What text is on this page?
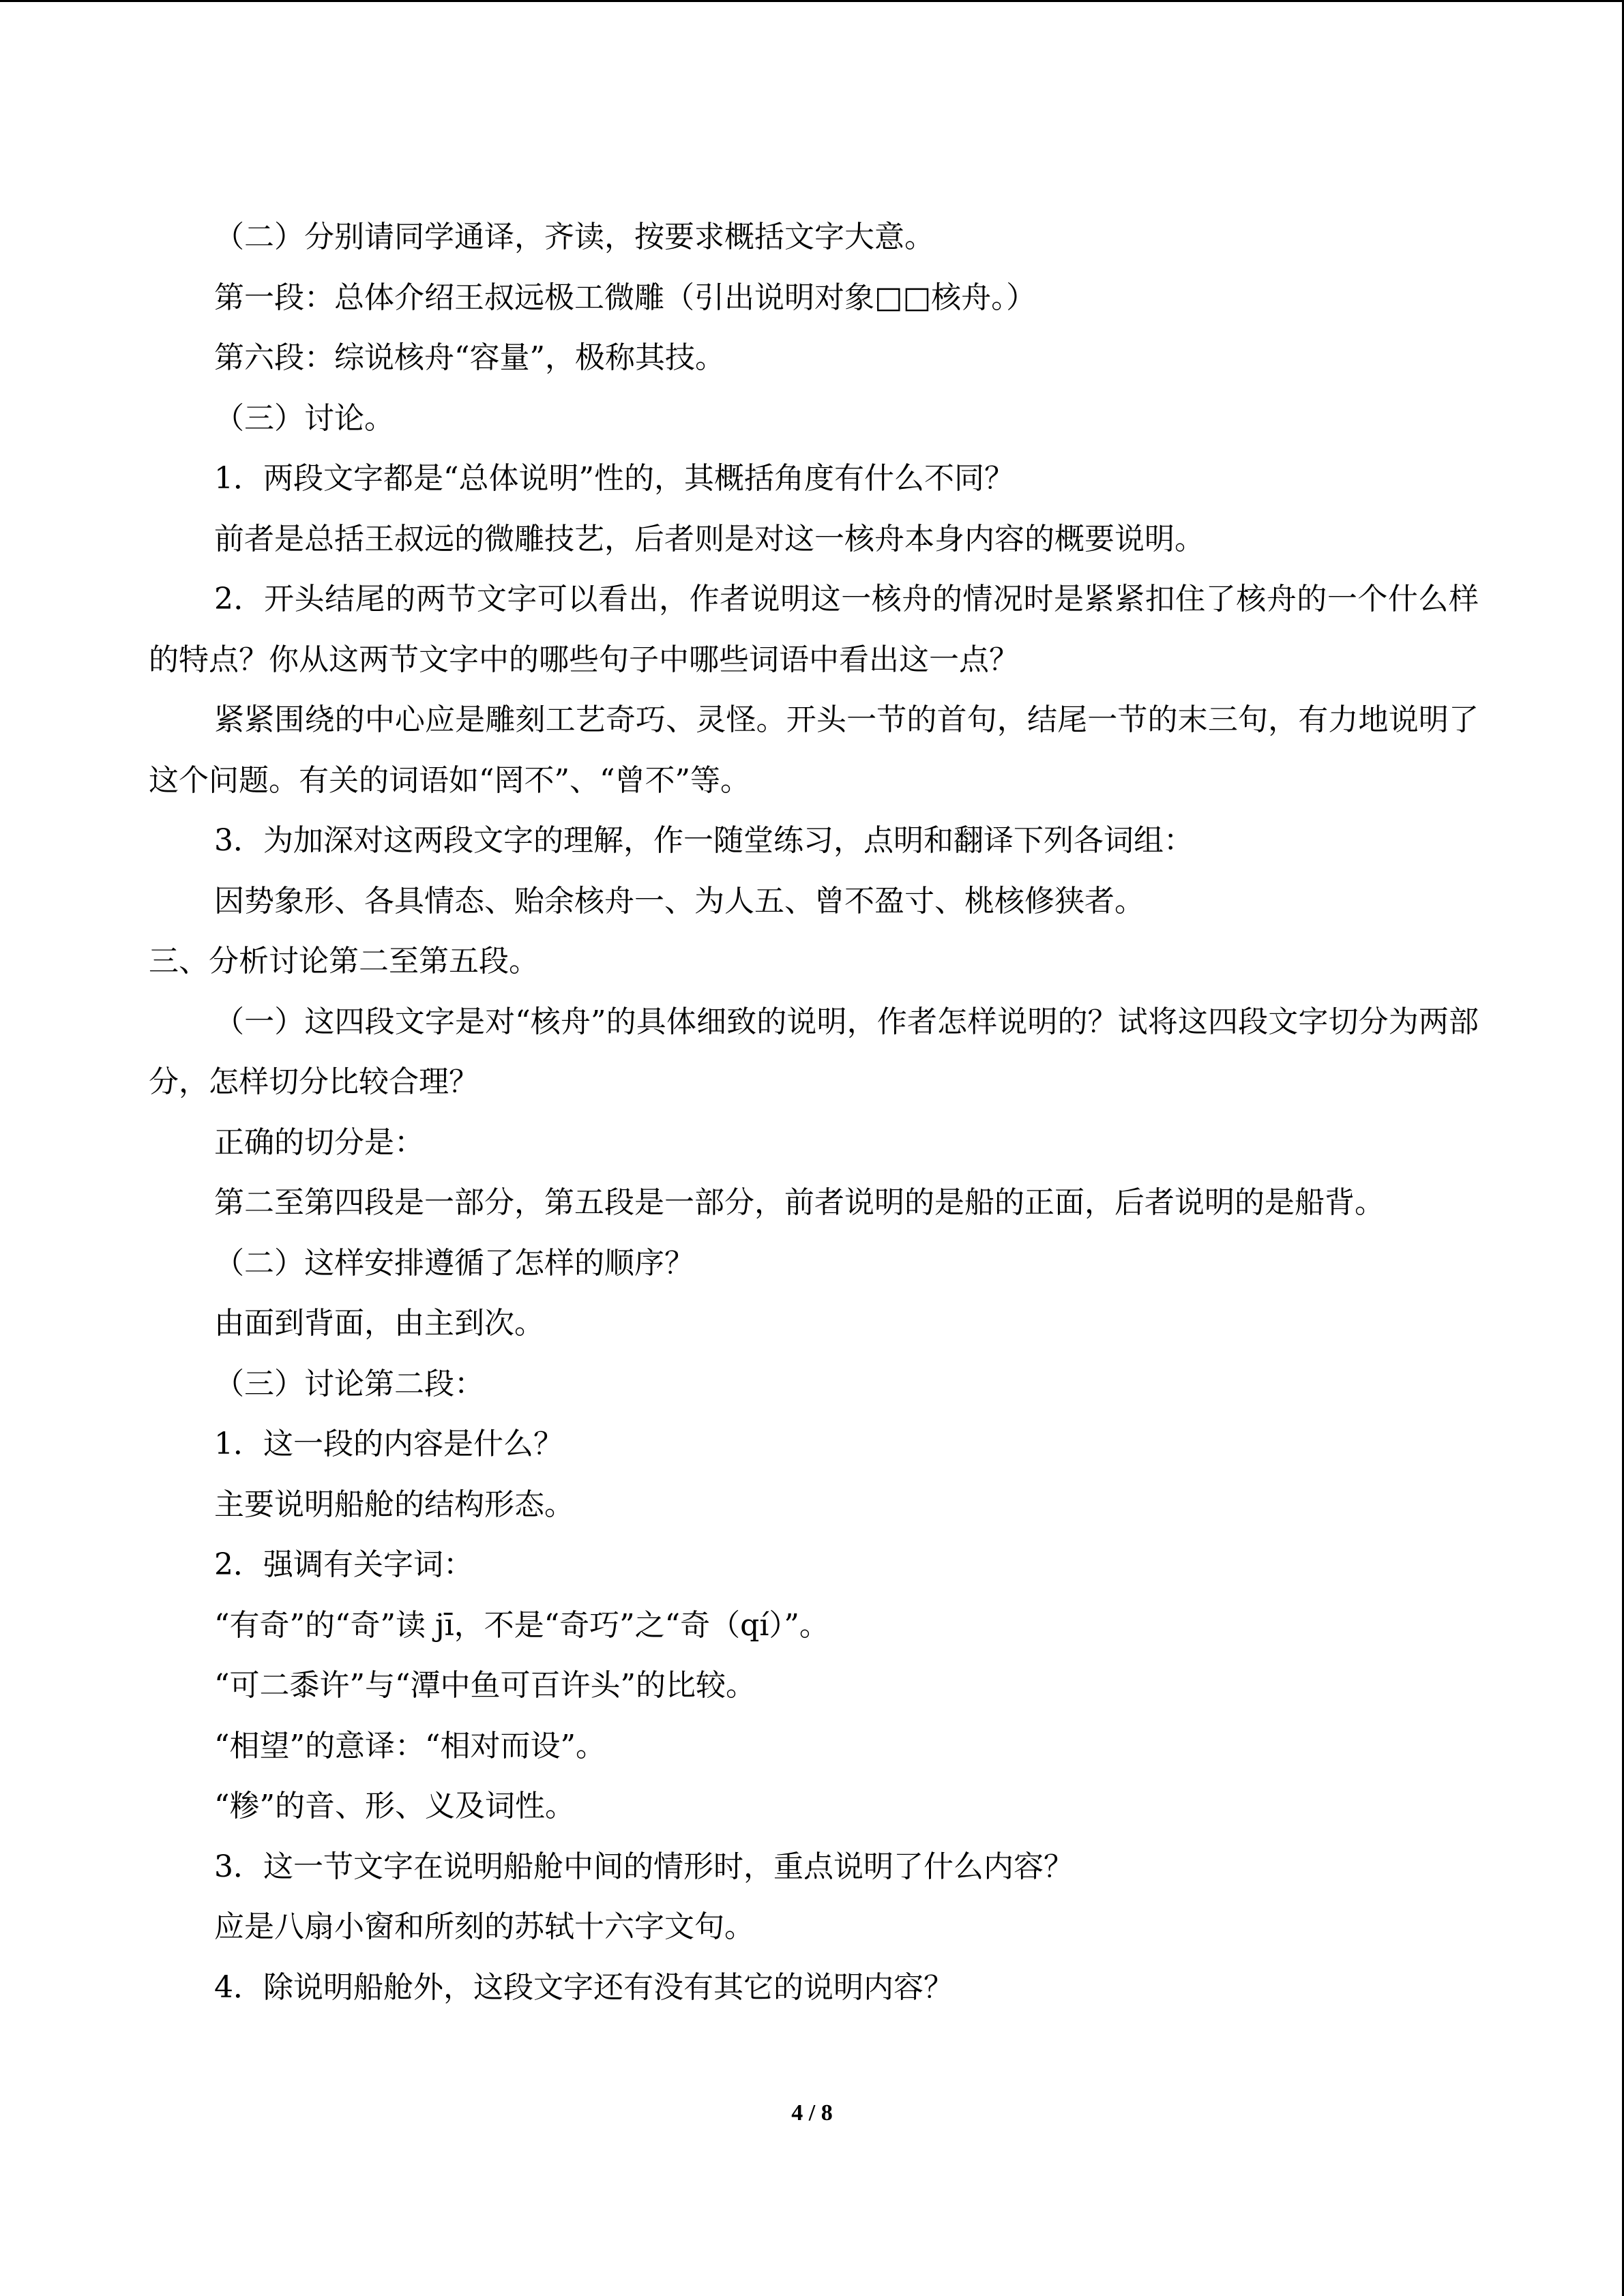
（二）分别请同学通译，齐读，按要求概括文字大意。

第一段：总体介绍王叔远极工微雕（引出说明对象□□核舟。）

第六段：综说核舟“容量”，极称其技。

（三）讨论。

1．两段文字都是“总体说明”性的，其概括角度有什么不同？

前者是总括王叔远的微雕技艺，后者则是对这一核舟本身内容的概要说明。

2．开头结尾的两节文字可以看出，作者说明这一核舟的情况时是紧紧扣住了核舟的一个什么样的特点？你从这两节文字中的哪些句子中哪些词语中看出这一点？

紧紧围绕的中心应是雕刻工艺奇巧、灵怪。开头一节的首句，结尾一节的末三句，有力地说明了这个问题。有关的词语如“罔不”、“曾不”等。

3．为加深对这两段文字的理解，作一随堂练习，点明和翻译下列各词组：

因势象形、各具情态、贻余核舟一、为人五、曾不盈寸、桃核修狭者。

三、分析讨论第二至第五段。

（一）这四段文字是对“核舟”的具体细致的说明，作者怎样说明的？试将这四段文字切分为两部分，怎样切分比较合理？

正确的切分是：

第二至第四段是一部分，第五段是一部分，前者说明的是船的正面，后者说明的是船背。

（二）这样安排遵循了怎样的顺序？

由面到背面，由主到次。

（三）讨论第二段：

1．这一段的内容是什么？

主要说明船舱的结构形态。

2．强调有关字词：

“有奇”的“奇”读 jī，不是“奇巧”之“奇（qí）”。

“可二黍许”与“潭中鱼可百许头”的比较。

“相望”的意译：“相对而设”。

“糁”的音、形、义及词性。

3．这一节文字在说明船舱中间的情形时，重点说明了什么内容？

应是八扇小窗和所刻的苏轼十六字文句。

4．除说明船舱外，这段文字还有没有其它的说明内容？

4 / 8
